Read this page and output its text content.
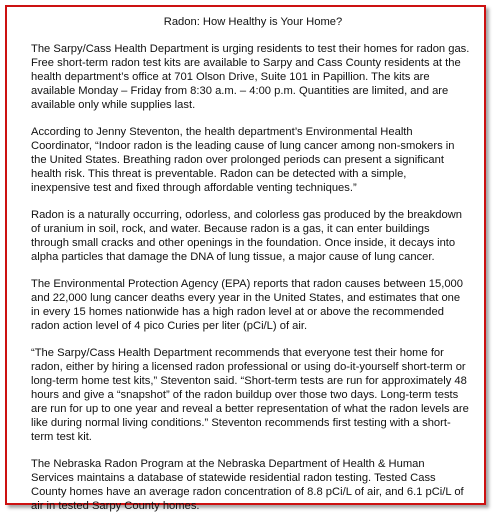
Radon: How Healthy is Your Home?
The Sarpy/Cass Health Department is urging residents to test their homes for radon gas.
Free short-term radon test kits are available to Sarpy and Cass County residents at the
health department’s office at 701 Olson Drive, Suite 101 in Papillion. The kits are
available Monday – Friday from 8:30 a.m. – 4:00 p.m. Quantities are limited, and are
available only while supplies last.
According to Jenny Steventon, the health department’s Environmental Health
Coordinator, “Indoor radon is the leading cause of lung cancer among non-smokers in
the United States. Breathing radon over prolonged periods can present a significant
health risk. This threat is preventable. Radon can be detected with a simple,
inexpensive test and fixed through affordable venting techniques.”
Radon is a naturally occurring, odorless, and colorless gas produced by the breakdown
of uranium in soil, rock, and water. Because radon is a gas, it can enter buildings
through small cracks and other openings in the foundation. Once inside, it decays into
alpha particles that damage the DNA of lung tissue, a major cause of lung cancer.
The Environmental Protection Agency (EPA) reports that radon causes between 15,000
and 22,000 lung cancer deaths every year in the United States, and estimates that one
in every 15 homes nationwide has a high radon level at or above the recommended
radon action level of 4 pico Curies per liter (pCi/L) of air.
“The Sarpy/Cass Health Department recommends that everyone test their home for
radon, either by hiring a licensed radon professional or using do-it-yourself short-term or
long-term home test kits,” Steventon said. “Short-term tests are run for approximately 48
hours and give a “snapshot” of the radon buildup over those two days. Long-term tests
are run for up to one year and reveal a better representation of what the radon levels are
like during normal living conditions.” Steventon recommends first testing with a short-
term test kit.
The Nebraska Radon Program at the Nebraska Department of Health & Human
Services maintains a database of statewide residential radon testing. Tested Cass
County homes have an average radon concentration of 8.8 pCi/L of air, and 6.1 pCi/L of
air in tested Sarpy County homes.
